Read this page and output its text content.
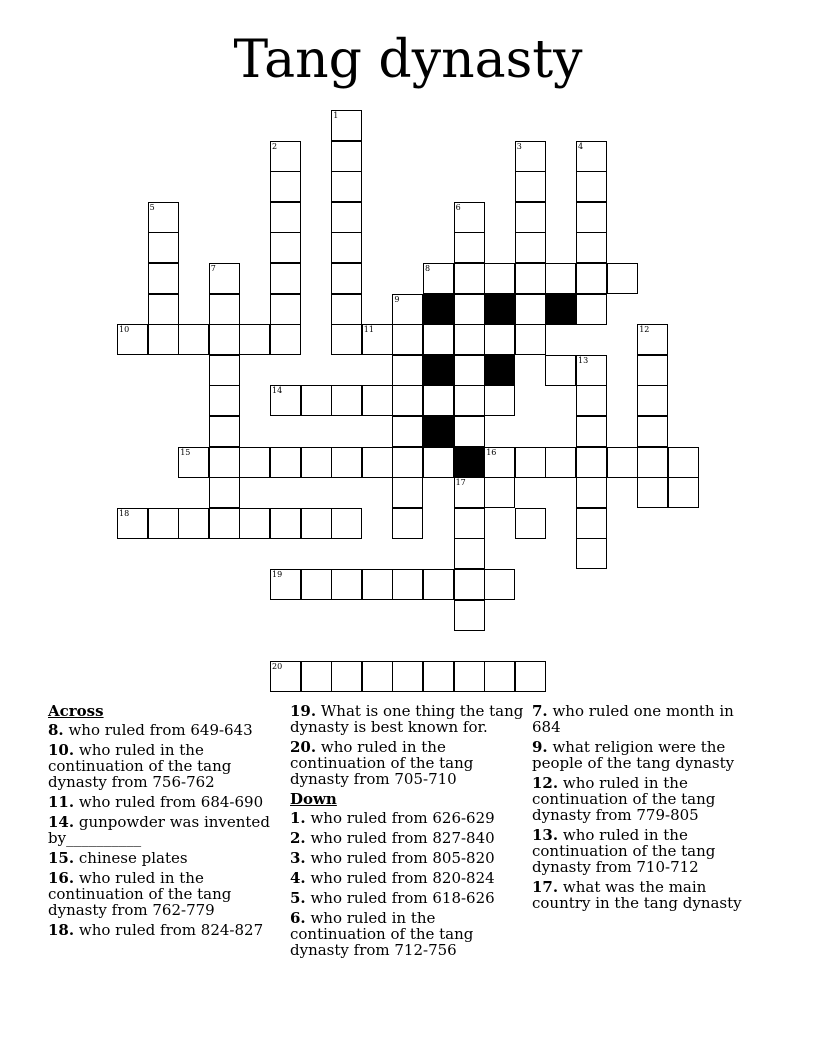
Tang dynasty
1
2	3	4
5	6
17
7
9
12
13
8
10	11
14
15	16
18
19
20
Across
8. who ruled from 649-643
10. who ruled in the continuation of the tang dynasty from 756-762
11. who ruled from 684-690
14. gunpowder was invented by__________
15. chinese plates
16. who ruled in the continuation of the tang dynasty from 762-779
18. who ruled from 824-827
19. What is one thing the tang dynasty is best known for.
20. who ruled in the continuation of the tang dynasty from 705-710
Down
1. who ruled from 626-629
2. who ruled from 827-840
3. who ruled from 805-820
4. who ruled from 820-824
5. who ruled from 618-626
6. who ruled in the continuation of the tang dynasty from 712-756
7. who ruled one month in 684
9. what religion were the people of the tang dynasty
12. who ruled in the continuation of the tang dynasty from 779-805
13. who ruled in the continuation of the tang dynasty from 710-712
17. what was the main country in the tang dynasty
